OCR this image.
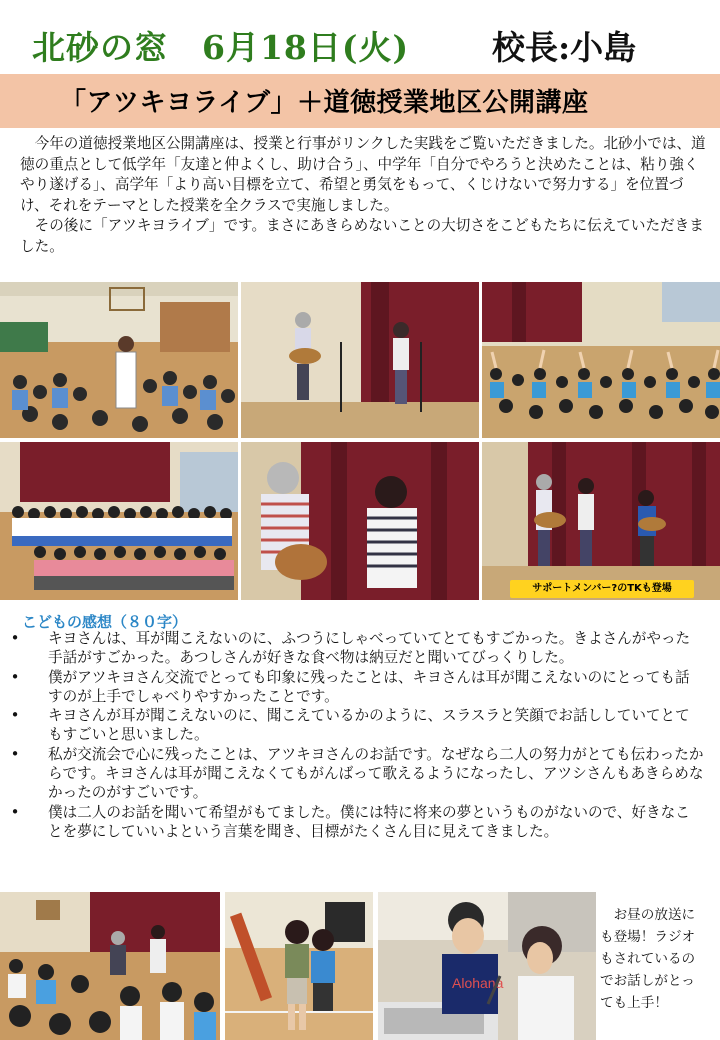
北砂の窓　6月18日(火)	校長:小島
「アツキヨライブ」＋道徳授業地区公開講座

今年の道徳授業地区公開講座は、授業と行事がリンクした実践をご覧いただきました。北砂小では、道徳の重点として低学年「友達と仲よくし、助け合う」、中学年「自分でやろうと決めたことは、粘り強くやり遂げる」、高学年「より高い目標を立て、希望と勇気をもって、くじけないで努力する」を位置づけ、それをテーマとした授業を全クラスで実施しました。

その後に「アツキヨライブ」です。まさにあきらめないことの大切さをこどもたちに伝えていただきました。

サポートメンバー?のTKも登場
こどもの感想（８０字）
• キヨさんは、耳が聞こえないのに、ふつうにしゃべっていてとてもすごかった。きよさんがやった手話がすごかった。あつしさんが好きな食べ物は納豆だと聞いてびっくりした。
• 僕がアツキヨさん交流でとっても印象に残ったことは、キヨさんは耳が聞こえないのにとっても話すのが上手でしゃべりやすかったことです。
• キヨさんが耳が聞こえないのに、聞こえているかのように、スラスラと笑顔でお話ししていてとてもすごいと思いました。
• 私が交流会で心に残ったことは、アツキヨさんのお話です。なぜなら二人の努力がとても伝わったからです。キヨさんは耳が聞こえなくてもがんばって歌えるようになったし、アツシさんもあきらめなかったのがすごいです。
• 僕は二人のお話を聞いて希望がもてました。僕には特に将来の夢というものがないので、好きなことを夢にしていいよという言葉を聞き、目標がたくさん目に見えてきました。
Alohana
お昼の放送にも登場！ラジオもされているのでお話しがとっても上手！
